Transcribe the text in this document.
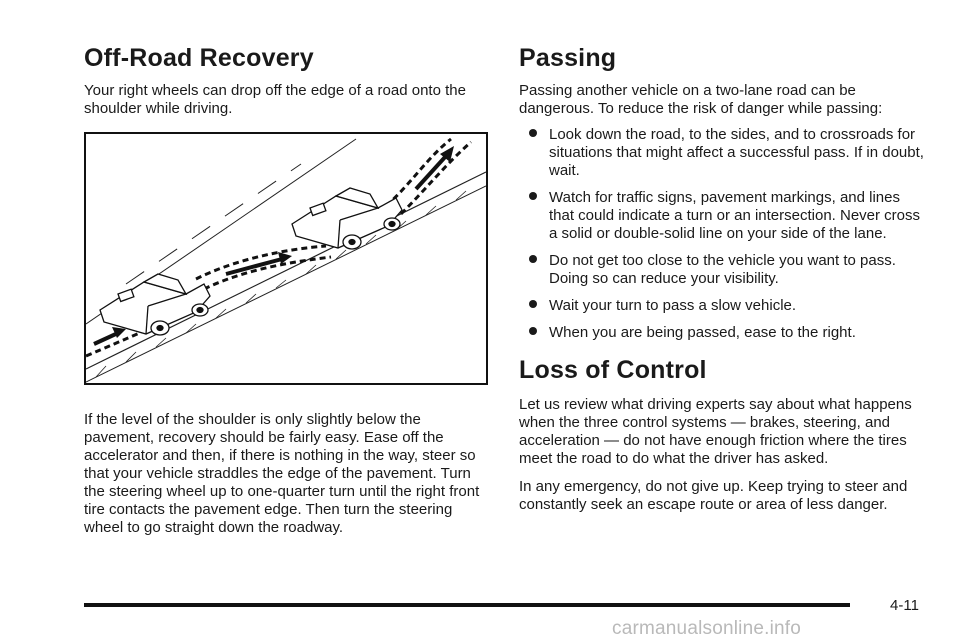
Off-Road Recovery

Your right wheels can drop off the edge of a road onto the shoulder while driving.

If the level of the shoulder is only slightly below the pavement, recovery should be fairly easy. Ease off the accelerator and then, if there is nothing in the way, steer so that your vehicle straddles the edge of the pavement. Turn the steering wheel up to one-quarter turn until the right front tire contacts the pavement edge. Then turn the steering wheel to go straight down the roadway.

Passing

Passing another vehicle on a two-lane road can be dangerous. To reduce the risk of danger while passing:

Look down the road, to the sides, and to crossroads for situations that might affect a successful pass. If in doubt, wait.
Watch for traffic signs, pavement markings, and lines that could indicate a turn or an intersection. Never cross a solid or double-solid line on your side of the lane.
Do not get too close to the vehicle you want to pass. Doing so can reduce your visibility.
Wait your turn to pass a slow vehicle.
When you are being passed, ease to the right.
Loss of Control

Let us review what driving experts say about what happens when the three control systems — brakes, steering, and acceleration — do not have enough friction where the tires meet the road to do what the driver has asked.

In any emergency, do not give up. Keep trying to steer and constantly seek an escape route or area of less danger.

4-11
carmanualsonline.info
